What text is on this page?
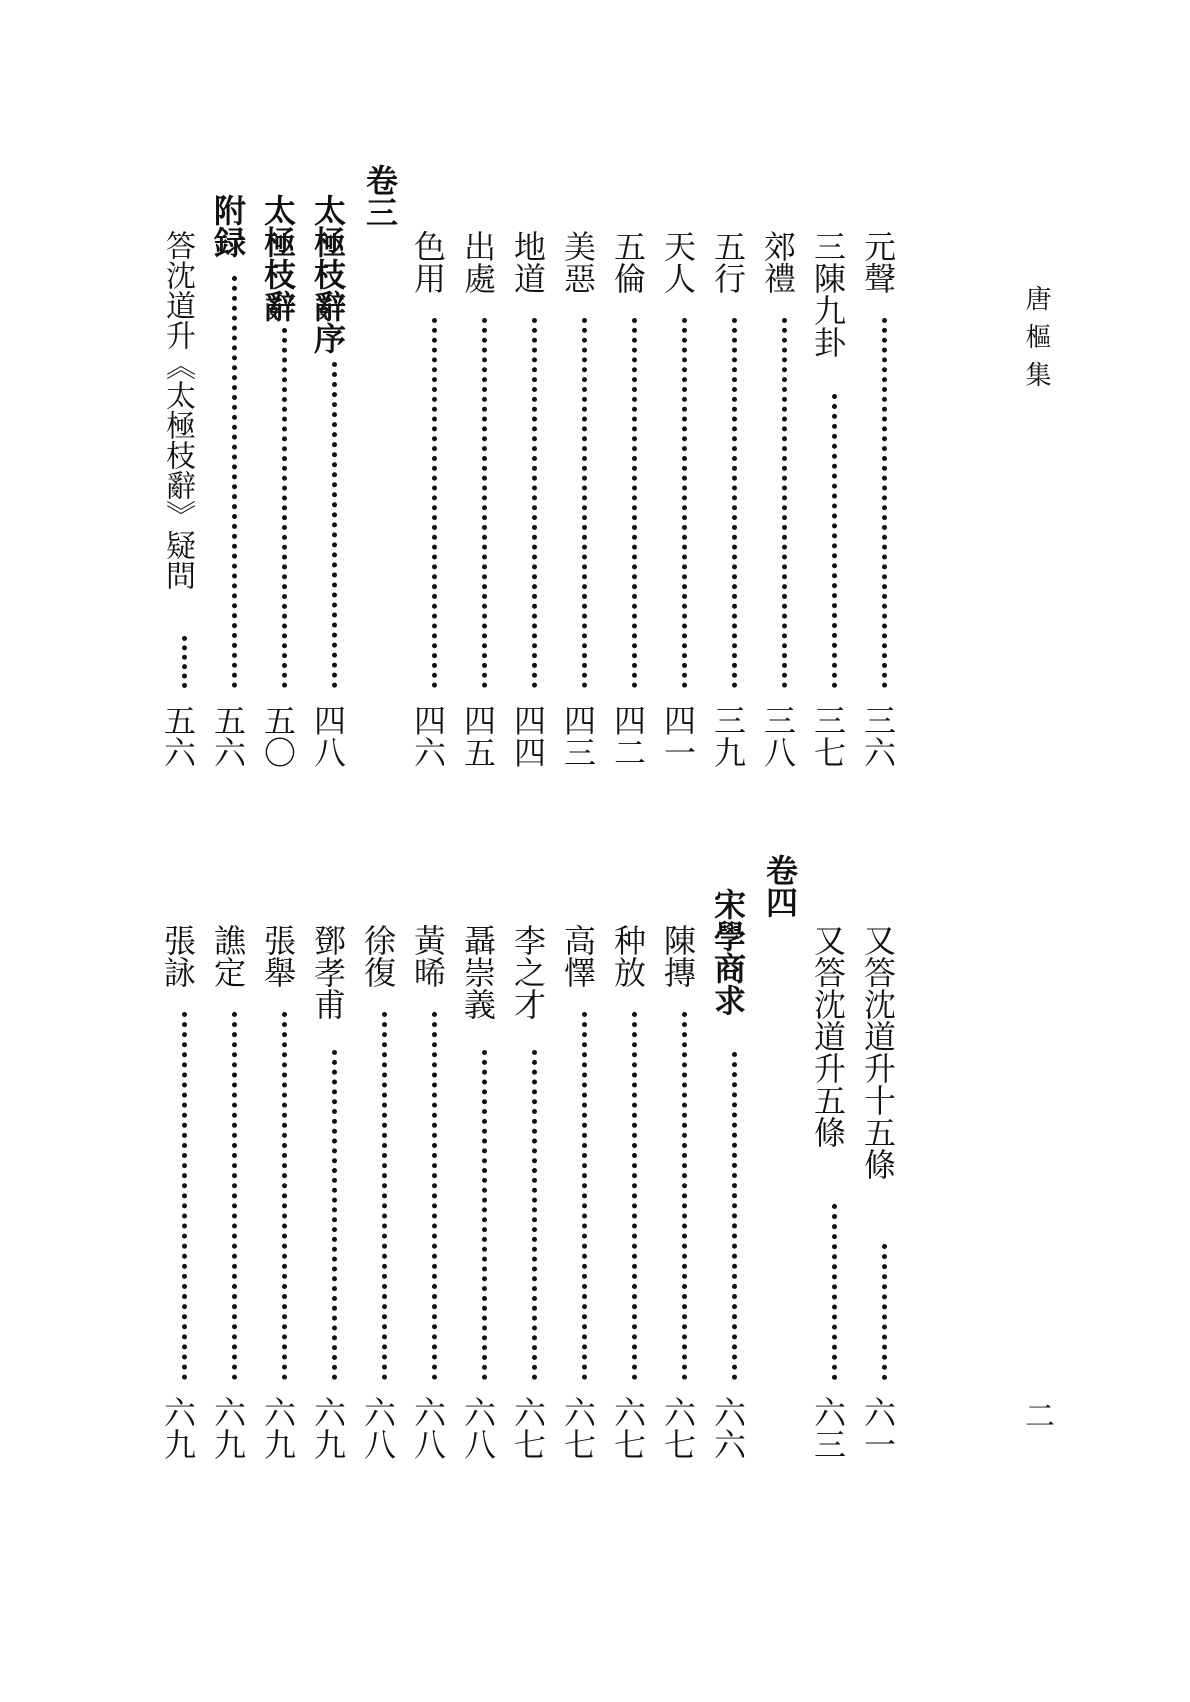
唐樞集
二
元聲
三六
三陳九卦
三七
郊禮
三八
五行
三九
天人
四一
五倫
四二
美惡
四三
地道
四四
出處
四五
色用
四六
卷三
太極枝辭序
四八
太極枝辭
五〇
附録
五六
答沈道升《太極枝辭》疑問
五六
又答沈道升十五條
六一
又答沈道升五條
六三
卷四
宋學商求
六六
陳摶
六七
种放
六七
高懌
六七
李之才
六七
聶崇義
六八
黃晞
六八
徐復
六八
鄧孝甫
六九
張舉
六九
譙定
六九
張詠
六九
